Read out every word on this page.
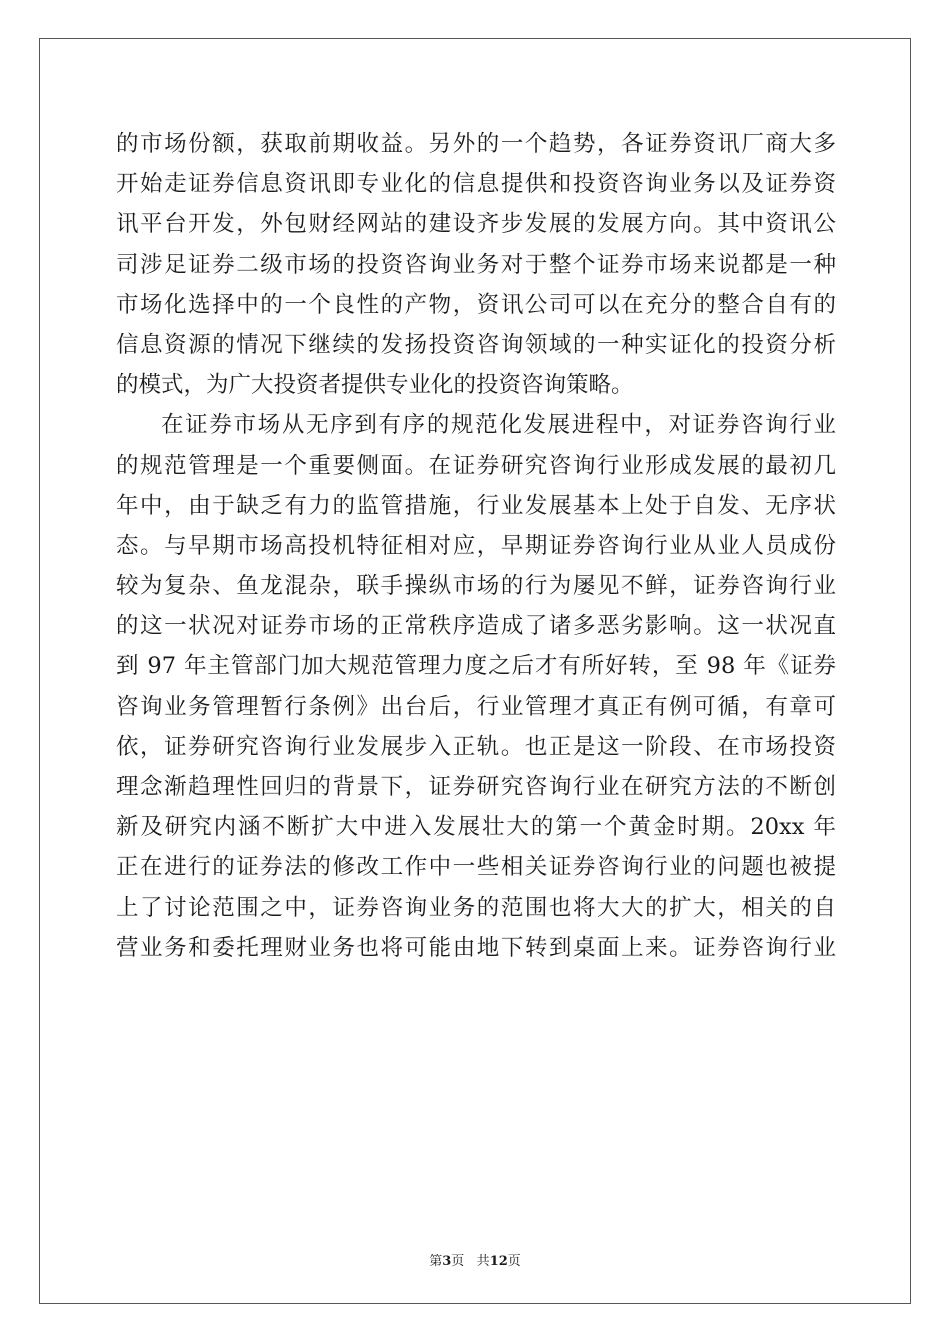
的市场份额，获取前期收益。另外的一个趋势，各证券资讯厂商大多
开始走证券信息资讯即专业化的信息提供和投资咨询业务以及证券资
讯平台开发，外包财经网站的建设齐步发展的发展方向。其中资讯公
司涉足证券二级市场的投资咨询业务对于整个证券市场来说都是一种
市场化选择中的一个良性的产物，资讯公司可以在充分的整合自有的
信息资源的情况下继续的发扬投资咨询领域的一种实证化的投资分析
的模式，为广大投资者提供专业化的投资咨询策略。
在证券市场从无序到有序的规范化发展进程中，对证券咨询行业
的规范管理是一个重要侧面。在证券研究咨询行业形成发展的最初几
年中，由于缺乏有力的监管措施，行业发展基本上处于自发、无序状
态。与早期市场高投机特征相对应，早期证券咨询行业从业人员成份
较为复杂、鱼龙混杂，联手操纵市场的行为屡见不鲜，证券咨询行业
的这一状况对证券市场的正常秩序造成了诸多恶劣影响。这一状况直
到 97 年主管部门加大规范管理力度之后才有所好转，至 98 年《证券
咨询业务管理暂行条例》出台后，行业管理才真正有例可循，有章可
依，证券研究咨询行业发展步入正轨。也正是这一阶段、在市场投资
理念渐趋理性回归的背景下，证券研究咨询行业在研究方法的不断创
新及研究内涵不断扩大中进入发展壮大的第一个黄金时期。20xx 年
正在进行的证券法的修改工作中一些相关证券咨询行业的问题也被提
上了讨论范围之中，证券咨询业务的范围也将大大的扩大，相关的自
营业务和委托理财业务也将可能由地下转到桌面上来。证券咨询行业
第3页 共12页
